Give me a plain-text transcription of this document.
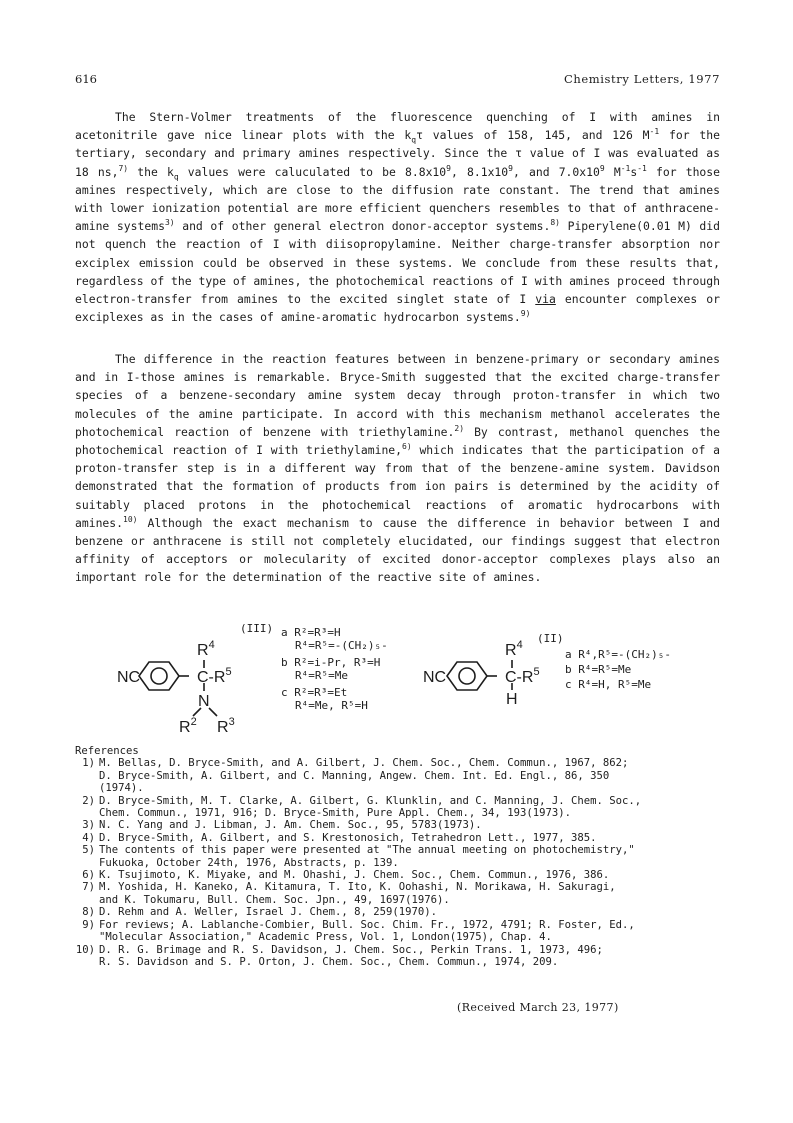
616	Chemistry Letters, 1977

The Stern-Volmer treatments of the fluorescence quenching of I with amines in acetonitrile gave nice linear plots with the $k_q\tau$ values of 158, 145, and 126 $M^{-1}$ for the tertiary, secondary and primary amines respectively. Since the τ value of I was evaluated as 18 ns,$^{7)}$ the $k_q$ values were caluculated to be $8.8x10^9$, $8.1x10^9$, and $7.0x10^9$ $M^{-1}s^{-1}$ for those amines respectively, which are close to the diffusion rate constant. The trend that amines with lower ionization potential are more efficient quenchers resembles to that of anthracene-amine systems$^{3)}$ and of other general electron donor-acceptor systems.$^{8)}$ Piperylene(0.01 M) did not quench the reaction of I with diisopropylamine. Neither charge-transfer absorption nor exciplex emission could be observed in these systems. We conclude from these results that, regardless of the type of amines, the photochemical reactions of I with amines proceed through electron-transfer from amines to the excited singlet state of I via encounter complexes or exciplexes as in the cases of amine-aromatic hydrocarbon systems.$^{9)}$

The difference in the reaction features between in benzene-primary or secondary amines and in I-those amines is remarkable. Bryce-Smith suggested that the excited charge-transfer species of a benzene-secondary amine system decay through proton-transfer in which two molecules of the amine participate. In accord with this mechanism methanol accelerates the photochemical reaction of benzene with triethylamine.$^{2)}$ By contrast, methanol quenches the photochemical reaction of I with triethylamine,$^{6)}$ which indicates that the participation of a proton-transfer step is in a different way from that of the benzene-amine system. Davidson demonstrated that the formation of products from ion pairs is determined by the acidity of suitably placed protons in the photochemical reactions of aromatic hydrocarbons with amines.$^{10)}$ Although the exact mechanism to cause the difference in behavior between I and benzene or anthracene is still not completely elucidated, our findings suggest that electron affinity of acceptors or molecularity of excited donor-acceptor complexes plays also an important role for the determination of the reactive site of amines.

NC
$R^4$
$C-R^5$
N
$R^2$ $R^3$
(III) a R²=R³=H
R⁴=R⁵=-(CH₂)₅-
b R²=i-Pr, R³=H
R⁴=R⁵=Me
c R²=R³=Et
R⁴=Me, R⁵=H
NC
$R^4$
$C-R^5$
H
(II)
a R⁴,R⁵=-(CH₂)₅-
b R⁴=R⁵=Me
c R⁴=H, R⁵=Me
References
1) M. Bellas, D. Bryce-Smith, and A. Gilbert, J. Chem. Soc., Chem. Commun., 1967, 862;
D. Bryce-Smith, A. Gilbert, and C. Manning, Angew. Chem. Int. Ed. Engl., 86, 350
(1974).
2) D. Bryce-Smith, M. T. Clarke, A. Gilbert, G. Klunklin, and C. Manning, J. Chem. Soc.,
Chem. Commun., 1971, 916; D. Bryce-Smith, Pure Appl. Chem., 34, 193(1973).
3) N. C. Yang and J. Libman, J. Am. Chem. Soc., 95, 5783(1973).
4) D. Bryce-Smith, A. Gilbert, and S. Krestonosich, Tetrahedron Lett., 1977, 385.
5) The contents of this paper were presented at "The annual meeting on photochemistry,"
Fukuoka, October 24th, 1976, Abstracts, p. 139.
6) K. Tsujimoto, K. Miyake, and M. Ohashi, J. Chem. Soc., Chem. Commun., 1976, 386.
7) M. Yoshida, H. Kaneko, A. Kitamura, T. Ito, K. Oohashi, N. Morikawa, H. Sakuragi,
and K. Tokumaru, Bull. Chem. Soc. Jpn., 49, 1697(1976).
8) D. Rehm and A. Weller, Israel J. Chem., 8, 259(1970).
9) For reviews; A. Lablanche-Combier, Bull. Soc. Chim. Fr., 1972, 4791; R. Foster, Ed.,
"Molecular Association," Academic Press, Vol. 1, London(1975), Chap. 4.
10) D. R. G. Brimage and R. S. Davidson, J. Chem. Soc., Perkin Trans. 1, 1973, 496;
R. S. Davidson and S. P. Orton, J. Chem. Soc., Chem. Commun., 1974, 209.
(Received March 23, 1977)
